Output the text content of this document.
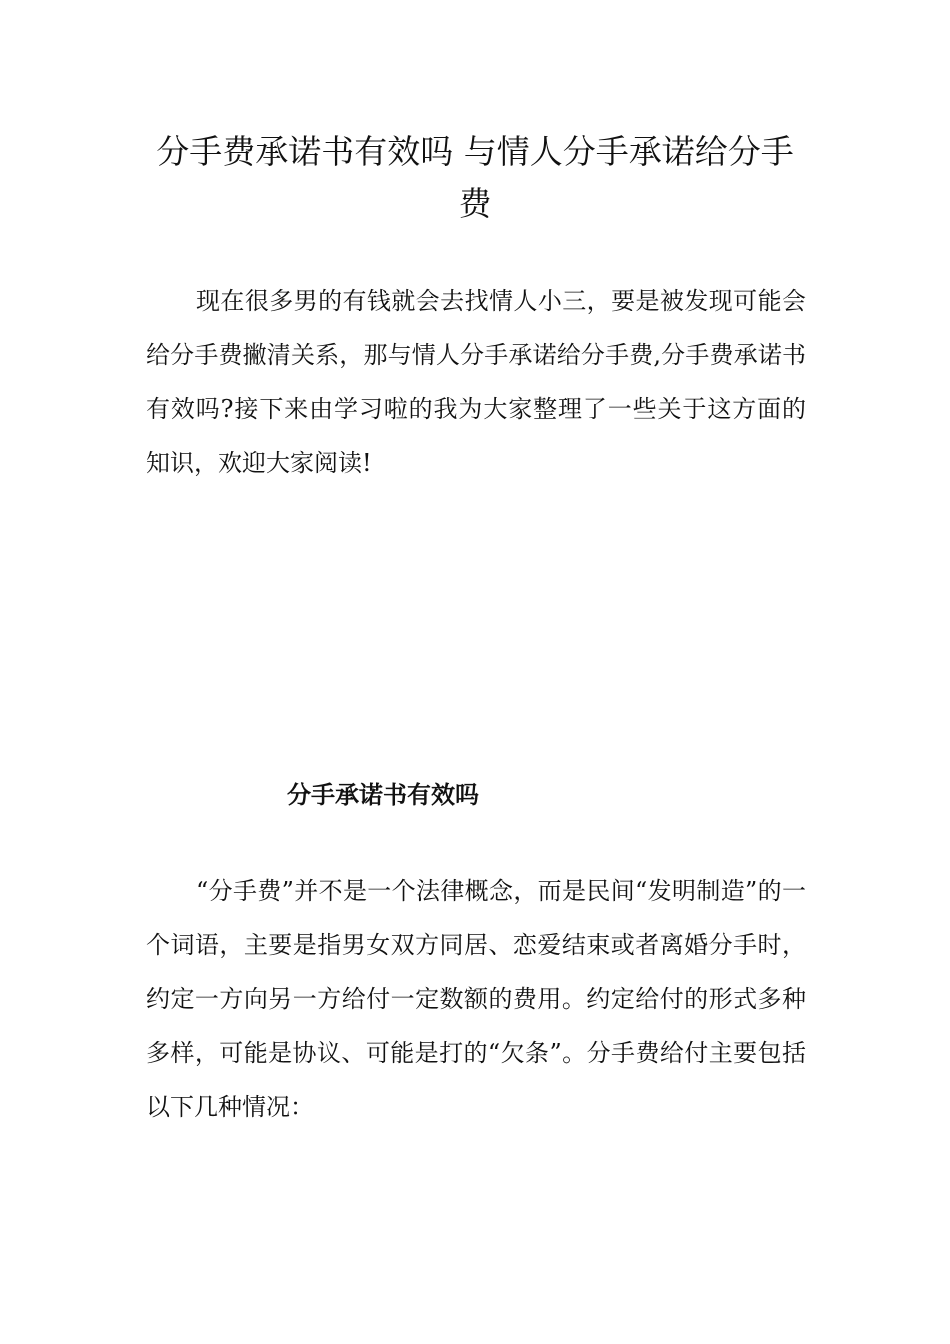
分手费承诺书有效吗 与情人分手承诺给分手费

现在很多男的有钱就会去找情人小三，要是被发现可能会给分手费撇清关系，那与情人分手承诺给分手费,分手费承诺书有效吗?接下来由学习啦的我为大家整理了一些关于这方面的知识，欢迎大家阅读!

分手承诺书有效吗

“分手费”并不是一个法律概念，而是民间“发明制造”的一个词语，主要是指男女双方同居、恋爱结束或者离婚分手时，约定一方向另一方给付一定数额的费用。约定给付的形式多种多样，可能是协议、可能是打的“欠条”。分手费给付主要包括以下几种情况：
